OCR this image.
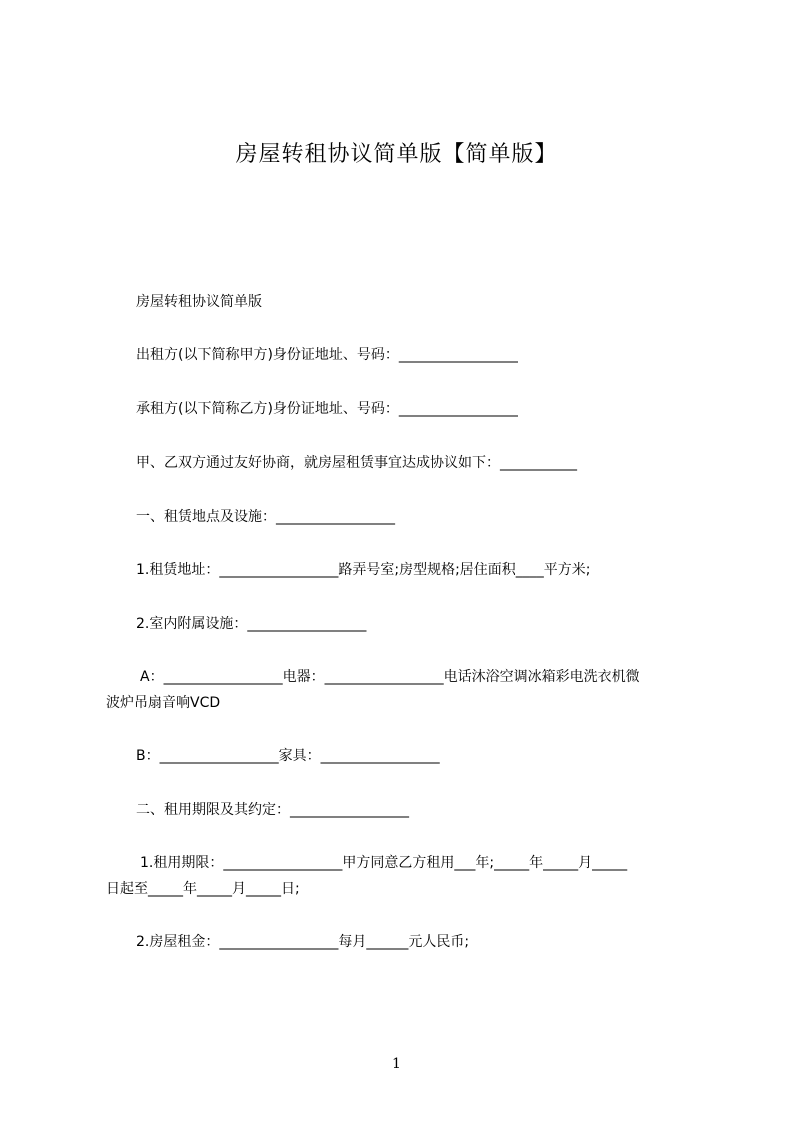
房屋转租协议简单版【简单版】
房屋转租协议简单版
出租方(以下简称甲方)身份证地址、号码：_________________
承租方(以下简称乙方)身份证地址、号码：_________________
甲、乙双方通过友好协商，就房屋租赁事宜达成协议如下：___________
一、租赁地点及设施：_________________
1.租赁地址：_________________路弄号室;房型规格;居住面积____平方米;
2.室内附属设施：_________________
A：_________________电器：_________________电话沐浴空调冰箱彩电洗衣机微
波炉吊扇音响VCD
B：_________________家具：_________________
二、租用期限及其约定：_________________
1.租用期限：_________________甲方同意乙方租用___年;_____年_____月_____
日起至_____年_____月_____日;
2.房屋租金：_________________每月______元人民币;
1
